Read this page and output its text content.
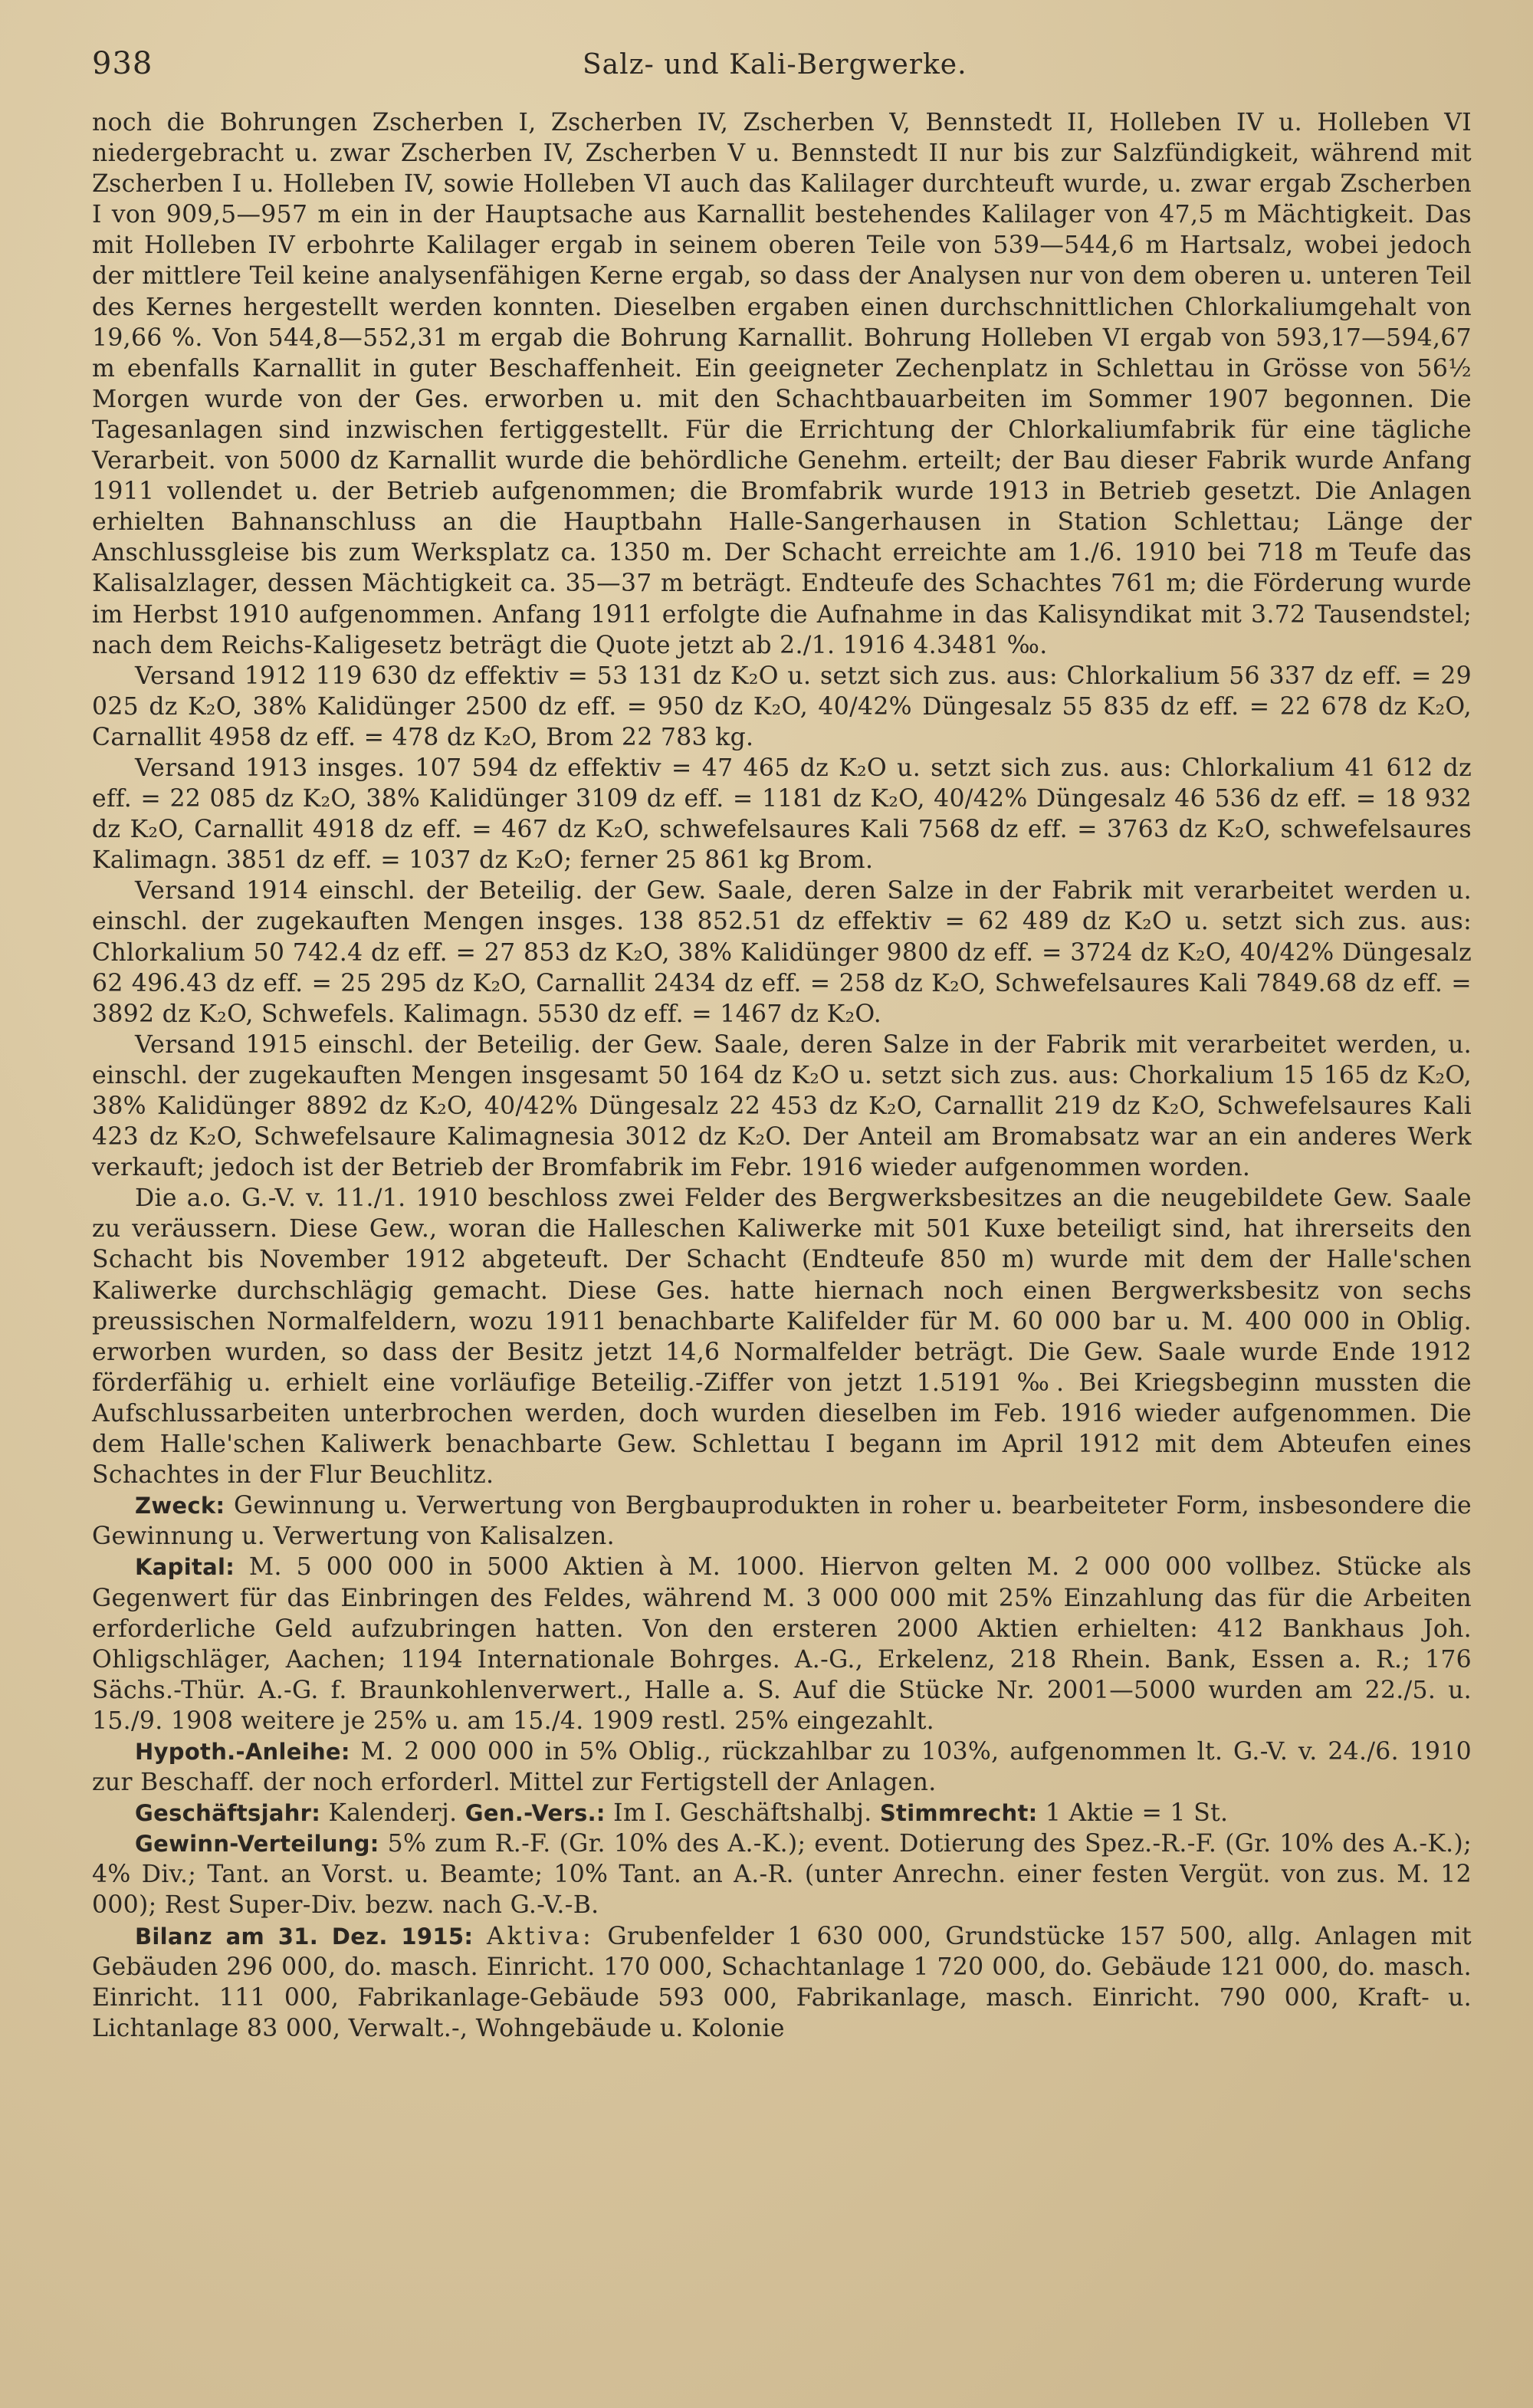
938	Salz- und Kali-Bergwerke.

noch die Bohrungen Zscherben I, Zscherben IV, Zscherben V, Bennstedt II, Holleben IV u. Holleben VI niedergebracht u. zwar Zscherben IV, Zscherben V u. Bennstedt II nur bis zur Salzfündigkeit, während mit Zscherben I u. Holleben IV, sowie Holleben VI auch das Kalilager durchteuft wurde, u. zwar ergab Zscherben I von 909,5—957 m ein in der Hauptsache aus Karnallit bestehendes Kalilager von 47,5 m Mächtigkeit. Das mit Holleben IV erbohrte Kalilager ergab in seinem oberen Teile von 539—544,6 m Hartsalz, wobei jedoch der mittlere Teil keine analysenfähigen Kerne ergab, so dass der Analysen nur von dem oberen u. unteren Teil des Kernes hergestellt werden konnten. Dieselben ergaben einen durchschnittlichen Chlorkaliumgehalt von 19,66 %. Von 544,8—552,31 m ergab die Bohrung Karnallit. Bohrung Holleben VI ergab von 593,17—594,67 m ebenfalls Karnallit in guter Beschaffenheit. Ein geeigneter Zechenplatz in Schlettau in Grösse von 56½ Morgen wurde von der Ges. erworben u. mit den Schachtbauarbeiten im Sommer 1907 begonnen. Die Tagesanlagen sind inzwischen fertiggestellt. Für die Errichtung der Chlorkaliumfabrik für eine tägliche Verarbeit. von 5000 dz Karnallit wurde die behördliche Genehm. erteilt; der Bau dieser Fabrik wurde Anfang 1911 vollendet u. der Betrieb aufgenommen; die Bromfabrik wurde 1913 in Betrieb gesetzt. Die Anlagen erhielten Bahnanschluss an die Hauptbahn Halle-Sangerhausen in Station Schlettau; Länge der Anschlussgleise bis zum Werksplatz ca. 1350 m. Der Schacht erreichte am 1./6. 1910 bei 718 m Teufe das Kalisalzlager, dessen Mächtigkeit ca. 35—37 m beträgt. Endteufe des Schachtes 761 m; die Förderung wurde im Herbst 1910 aufgenommen. Anfang 1911 erfolgte die Aufnahme in das Kalisyndikat mit 3.72 Tausendstel; nach dem Reichs-Kaligesetz beträgt die Quote jetzt ab 2./1. 1916 4.3481 ‰.

Versand 1912 119 630 dz effektiv = 53 131 dz K₂O u. setzt sich zus. aus: Chlorkalium 56 337 dz eff. = 29 025 dz K₂O, 38% Kalidünger 2500 dz eff. = 950 dz K₂O, 40/42% Düngesalz 55 835 dz eff. = 22 678 dz K₂O, Carnallit 4958 dz eff. = 478 dz K₂O, Brom 22 783 kg.

Versand 1913 insges. 107 594 dz effektiv = 47 465 dz K₂O u. setzt sich zus. aus: Chlorkalium 41 612 dz eff. = 22 085 dz K₂O, 38% Kalidünger 3109 dz eff. = 1181 dz K₂O, 40/42% Düngesalz 46 536 dz eff. = 18 932 dz K₂O, Carnallit 4918 dz eff. = 467 dz K₂O, schwefelsaures Kali 7568 dz eff. = 3763 dz K₂O, schwefelsaures Kalimagn. 3851 dz eff. = 1037 dz K₂O; ferner 25 861 kg Brom.

Versand 1914 einschl. der Beteilig. der Gew. Saale, deren Salze in der Fabrik mit verarbeitet werden u. einschl. der zugekauften Mengen insges. 138 852.51 dz effektiv = 62 489 dz K₂O u. setzt sich zus. aus: Chlorkalium 50 742.4 dz eff. = 27 853 dz K₂O, 38% Kalidünger 9800 dz eff. = 3724 dz K₂O, 40/42% Düngesalz 62 496.43 dz eff. = 25 295 dz K₂O, Carnallit 2434 dz eff. = 258 dz K₂O, Schwefelsaures Kali 7849.68 dz eff. = 3892 dz K₂O, Schwefels. Kalimagn. 5530 dz eff. = 1467 dz K₂O.

Versand 1915 einschl. der Beteilig. der Gew. Saale, deren Salze in der Fabrik mit verarbeitet werden, u. einschl. der zugekauften Mengen insgesamt 50 164 dz K₂O u. setzt sich zus. aus: Chorkalium 15 165 dz K₂O, 38% Kalidünger 8892 dz K₂O, 40/42% Düngesalz 22 453 dz K₂O, Carnallit 219 dz K₂O, Schwefelsaures Kali 423 dz K₂O, Schwefelsaure Kalimagnesia 3012 dz K₂O. Der Anteil am Bromabsatz war an ein anderes Werk verkauft; jedoch ist der Betrieb der Bromfabrik im Febr. 1916 wieder aufgenommen worden.

Die a.o. G.-V. v. 11./1. 1910 beschloss zwei Felder des Bergwerksbesitzes an die neugebildete Gew. Saale zu veräussern. Diese Gew., woran die Halleschen Kaliwerke mit 501 Kuxe beteiligt sind, hat ihrerseits den Schacht bis November 1912 abgeteuft. Der Schacht (Endteufe 850 m) wurde mit dem der Halle'schen Kaliwerke durchschlägig gemacht. Diese Ges. hatte hiernach noch einen Bergwerksbesitz von sechs preussischen Normalfeldern, wozu 1911 benachbarte Kalifelder für M. 60 000 bar u. M. 400 000 in Oblig. erworben wurden, so dass der Besitz jetzt 14,6 Normalfelder beträgt. Die Gew. Saale wurde Ende 1912 förderfähig u. erhielt eine vorläufige Beteilig.-Ziffer von jetzt 1.5191 ‰. Bei Kriegsbeginn mussten die Aufschlussarbeiten unterbrochen werden, doch wurden dieselben im Feb. 1916 wieder aufgenommen. Die dem Halle'schen Kaliwerk benachbarte Gew. Schlettau I begann im April 1912 mit dem Abteufen eines Schachtes in der Flur Beuchlitz.

Zweck: Gewinnung u. Verwertung von Bergbauprodukten in roher u. bearbeiteter Form, insbesondere die Gewinnung u. Verwertung von Kalisalzen.

Kapital: M. 5 000 000 in 5000 Aktien à M. 1000. Hiervon gelten M. 2 000 000 vollbez. Stücke als Gegenwert für das Einbringen des Feldes, während M. 3 000 000 mit 25% Einzahlung das für die Arbeiten erforderliche Geld aufzubringen hatten. Von den ersteren 2000 Aktien erhielten: 412 Bankhaus Joh. Ohligschläger, Aachen; 1194 Internationale Bohrges. A.-G., Erkelenz, 218 Rhein. Bank, Essen a. R.; 176 Sächs.-Thür. A.-G. f. Braunkohlenverwert., Halle a. S. Auf die Stücke Nr. 2001—5000 wurden am 22./5. u. 15./9. 1908 weitere je 25% u. am 15./4. 1909 restl. 25% eingezahlt.

Hypoth.-Anleihe: M. 2 000 000 in 5% Oblig., rückzahlbar zu 103%, aufgenommen lt. G.-V. v. 24./6. 1910 zur Beschaff. der noch erforderl. Mittel zur Fertigstell der Anlagen.

Geschäftsjahr: Kalenderj. Gen.-Vers.: Im I. Geschäftshalbj. Stimmrecht: 1 Aktie = 1 St.

Gewinn-Verteilung: 5% zum R.-F. (Gr. 10% des A.-K.); event. Dotierung des Spez.-R.-F. (Gr. 10% des A.-K.); 4% Div.; Tant. an Vorst. u. Beamte; 10% Tant. an A.-R. (unter Anrechn. einer festen Vergüt. von zus. M. 12 000); Rest Super-Div. bezw. nach G.-V.-B.

Bilanz am 31. Dez. 1915: Aktiva: Grubenfelder 1 630 000, Grundstücke 157 500, allg. Anlagen mit Gebäuden 296 000, do. masch. Einricht. 170 000, Schachtanlage 1 720 000, do. Gebäude 121 000, do. masch. Einricht. 111 000, Fabrikanlage-Gebäude 593 000, Fabrikanlage, masch. Einricht. 790 000, Kraft- u. Lichtanlage 83 000, Verwalt.-, Wohngebäude u. Kolonie
